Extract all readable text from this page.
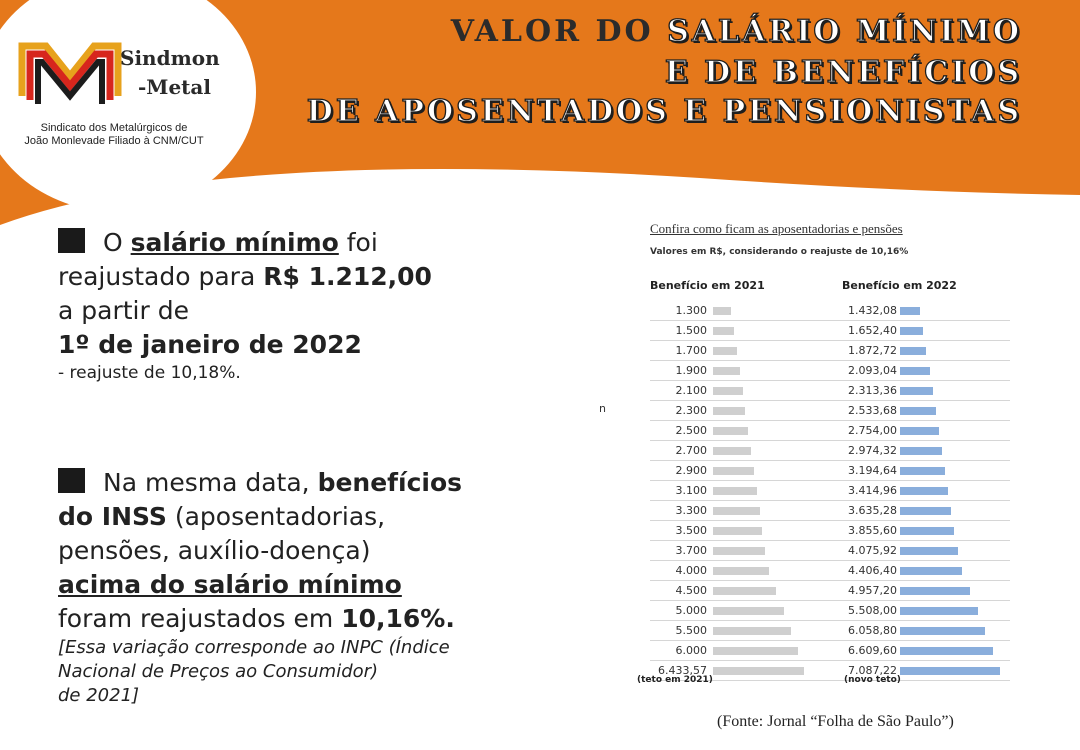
VALOR DO SALÁRIO MÍNIMO
E DE BENEFÍCIOS
DE APOSENTADOS E PENSIONISTAS
Sindmon
-Metal
Sindicato dos Metalúrgicos de
João Monlevade Filiado à CNM/CUT
O salário mínimo foi
reajustado para R$ 1.212,00
a partir de
1º de janeiro de 2022
- reajuste de 10,18%.
Na mesma data, benefícios
do INSS (aposentadorias,
pensões, auxílio-doença)
acima do salário mínimo
foram reajustados em 10,16%.
[Essa variação corresponde ao INPC (Índice
Nacional de Preços ao Consumidor)
de 2021]
Confira como ficam as aposentadorias e pensões
Valores em R$, considerando o reajuste de 10,16%
Benefício em 2021	Benefício em 2022
1.300	1.432,08
1.500	1.652,40
1.700	1.872,72
1.900	2.093,04
2.100	2.313,36
2.300	2.533,68
2.500	2.754,00
2.700	2.974,32
2.900	3.194,64
3.100	3.414,96
3.300	3.635,28
3.500	3.855,60
3.700	4.075,92
4.000	4.406,40
4.500	4.957,20
5.000	5.508,00
5.500	6.058,80
6.000	6.609,60
6.433,57	7.087,22
(teto em 2021)	(novo teto)
n
(Fonte: Jornal “Folha de São Paulo”)
